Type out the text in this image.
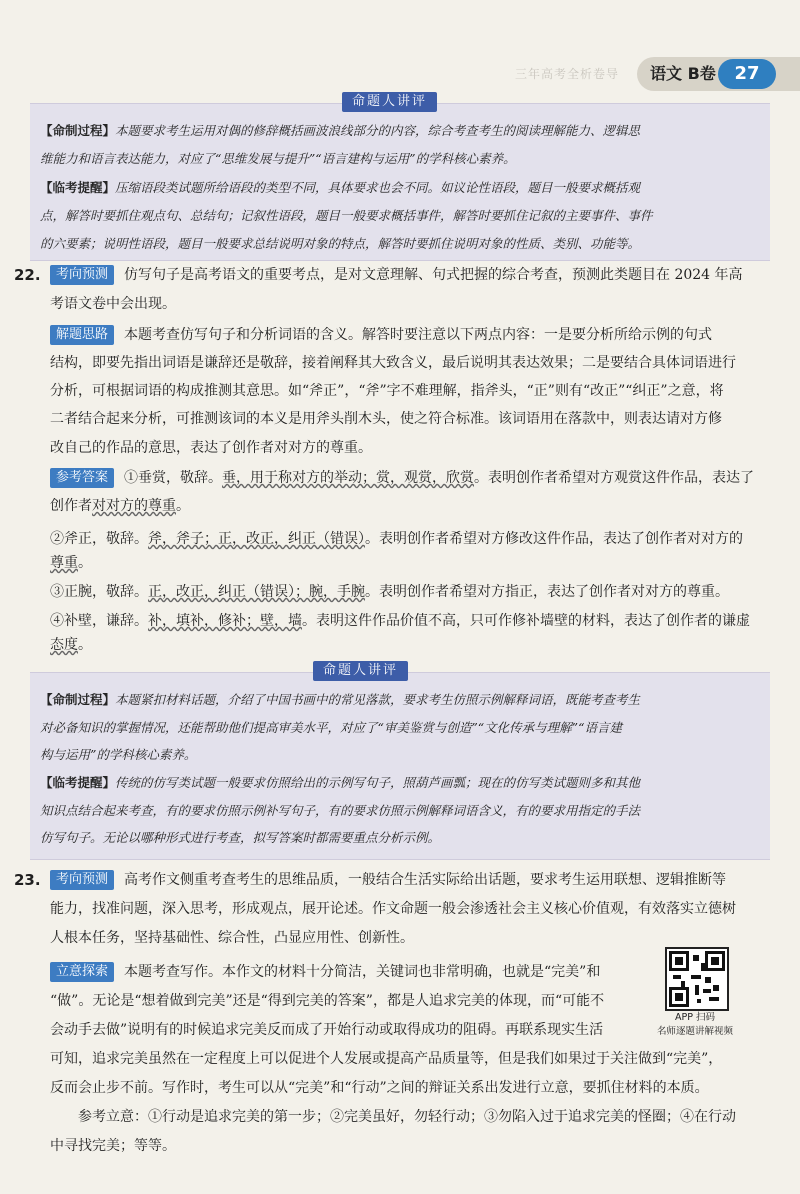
三年高考全析卷导	语文 B卷	27
命题人讲评
【命制过程】本题要求考生运用对偶的修辞概括画波浪线部分的内容，综合考查考生的阅读理解能力、逻辑思
维能力和语言表达能力，对应了“思维发展与提升”“语言建构与运用”的学科核心素养。
【临考提醒】压缩语段类试题所给语段的类型不同，具体要求也会不同。如议论性语段，题目一般要求概括观
点，解答时要抓住观点句、总结句；记叙性语段，题目一般要求概括事件，解答时要抓住记叙的主要事件、事件
的六要素；说明性语段，题目一般要求总结说明对象的特点，解答时要抓住说明对象的性质、类别、功能等。
22.	考向预测	仿写句子是高考语文的重要考点，是对文意理解、句式把握的综合考查，预测此类题目在 2024 年高
考语文卷中会出现。
解题思路	本题考查仿写句子和分析词语的含义。解答时要注意以下两点内容：一是要分析所给示例的句式
结构，即要先指出词语是谦辞还是敬辞，接着阐释其大致含义，最后说明其表达效果；二是要结合具体词语进行
分析，可根据词语的构成推测其意思。如“斧正”，“斧”字不难理解，指斧头，“正”则有“改正”“纠正”之意，将
二者结合起来分析，可推测该词的本义是用斧头削木头，使之符合标准。该词语用在落款中，则表达请对方修
改自己的作品的意思，表达了创作者对对方的尊重。
参考答案	①垂赏，敬辞。垂，用于称对方的举动；赏，观赏，欣赏。表明创作者希望对方观赏这件作品，表达了
创作者对对方的尊重。
②斧正，敬辞。斧，斧子；正，改正，纠正（错误）。表明创作者希望对方修改这件作品，表达了创作者对对方的
尊重。
③正腕，敬辞。正，改正，纠正（错误）；腕，手腕。表明创作者希望对方指正，表达了创作者对对方的尊重。
④补壁，谦辞。补，填补，修补；壁，墙。表明这件作品价值不高，只可作修补墙壁的材料，表达了创作者的谦虚
态度。
命题人讲评
【命制过程】本题紧扣材料话题，介绍了中国书画中的常见落款，要求考生仿照示例解释词语，既能考查考生
对必备知识的掌握情况，还能帮助他们提高审美水平，对应了“审美鉴赏与创造”“文化传承与理解”“语言建
构与运用”的学科核心素养。
【临考提醒】传统的仿写类试题一般要求仿照给出的示例写句子，照葫芦画瓢；现在的仿写类试题则多和其他
知识点结合起来考查，有的要求仿照示例补写句子，有的要求仿照示例解释词语含义，有的要求用指定的手法
仿写句子。无论以哪种形式进行考查，拟写答案时都需要重点分析示例。
23.	考向预测	高考作文侧重考查考生的思维品质，一般结合生活实际给出话题，要求考生运用联想、逻辑推断等
能力，找准问题，深入思考，形成观点，展开论述。作文命题一般会渗透社会主义核心价值观，有效落实立德树
人根本任务，坚持基础性、综合性，凸显应用性、创新性。
立意探索	本题考查写作。本作文的材料十分简洁，关键词也非常明确，也就是“完美”和
“做”。无论是“想着做到完美”还是“得到完美的答案”，都是人追求完美的体现，而“可能不
会动手去做”说明有的时候追求完美反而成了开始行动或取得成功的阻碍。再联系现实生活
可知，追求完美虽然在一定程度上可以促进个人发展或提高产品质量等，但是我们如果过于关注做到“完美”，
反而会止步不前。写作时，考生可以从“完美”和“行动”之间的辩证关系出发进行立意，要抓住材料的本质。
参考立意：①行动是追求完美的第一步；②完美虽好，勿轻行动；③勿陷入过于追求完美的怪圈；④在行动
中寻找完美；等等。
APP 扫码
名师逐题讲解视频
